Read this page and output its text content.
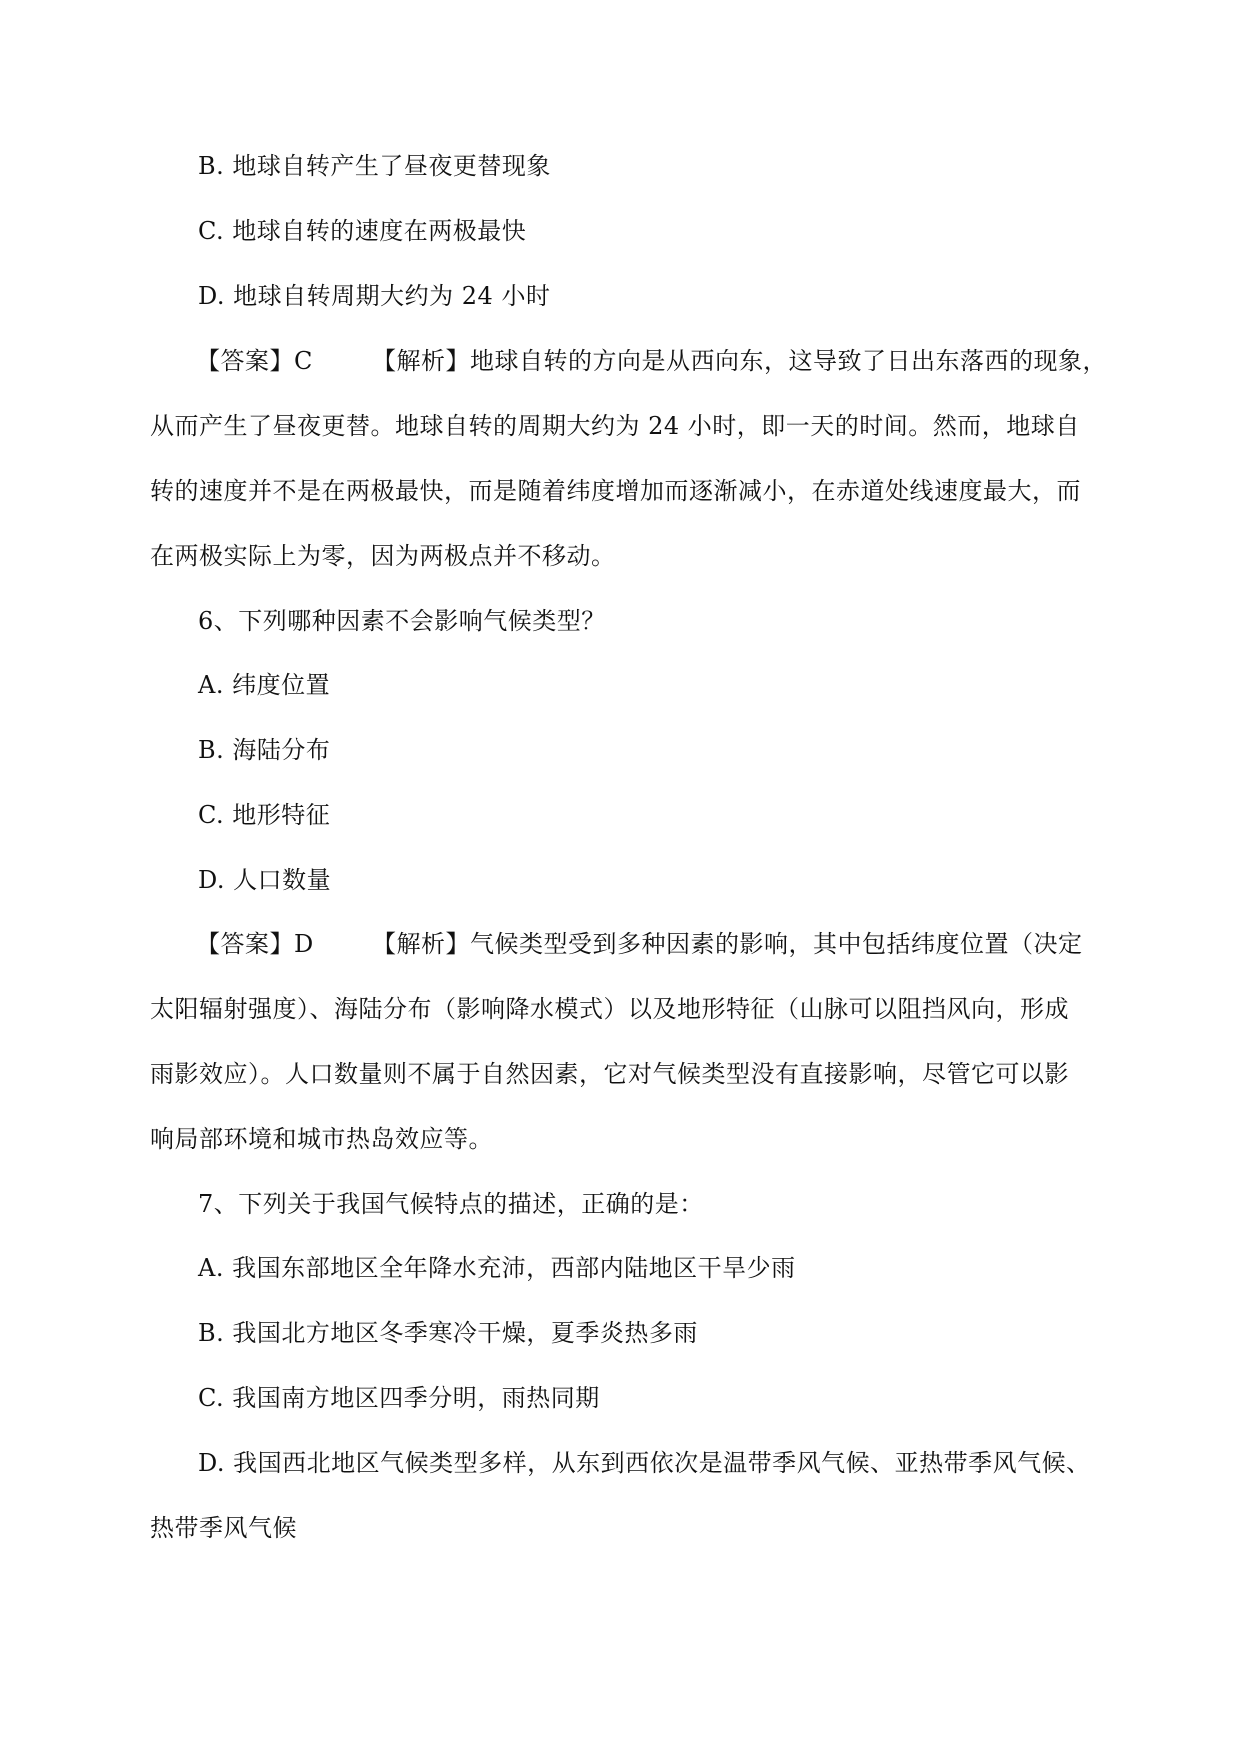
B. 地球自转产生了昼夜更替现象
C. 地球自转的速度在两极最快
D. 地球自转周期大约为 24 小时
【答案】C 【解析】地球自转的方向是从西向东，这导致了日出东落西的现象，
从而产生了昼夜更替。地球自转的周期大约为 24 小时，即一天的时间。然而，地球自
转的速度并不是在两极最快，而是随着纬度增加而逐渐减小，在赤道处线速度最大，而
在两极实际上为零，因为两极点并不移动。
6、下列哪种因素不会影响气候类型？
A. 纬度位置
B. 海陆分布
C. 地形特征
D. 人口数量
【答案】D 【解析】气候类型受到多种因素的影响，其中包括纬度位置（决定
太阳辐射强度）、海陆分布（影响降水模式）以及地形特征（山脉可以阻挡风向，形成
雨影效应）。人口数量则不属于自然因素，它对气候类型没有直接影响，尽管它可以影
响局部环境和城市热岛效应等。
7、下列关于我国气候特点的描述，正确的是：
A. 我国东部地区全年降水充沛，西部内陆地区干旱少雨
B. 我国北方地区冬季寒冷干燥，夏季炎热多雨
C. 我国南方地区四季分明，雨热同期
D. 我国西北地区气候类型多样，从东到西依次是温带季风气候、亚热带季风气候、
热带季风气候
